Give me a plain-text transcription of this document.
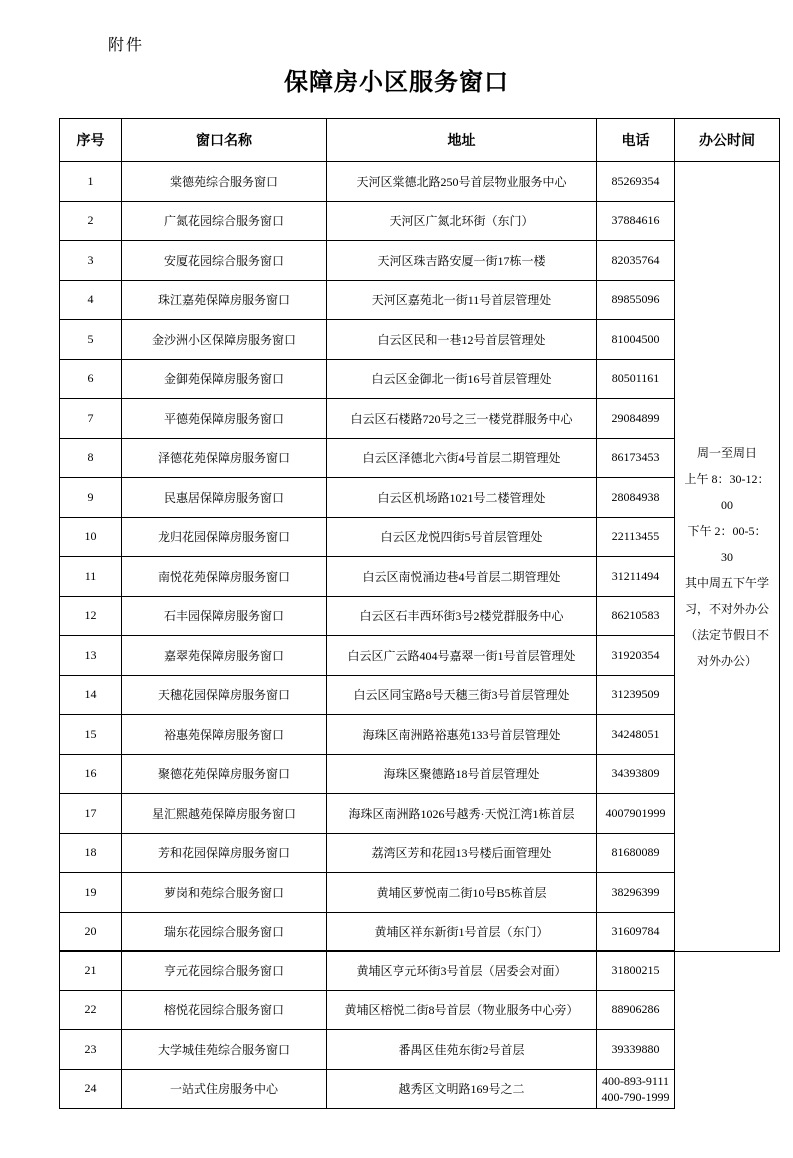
附件
保障房小区服务窗口
序号	窗口名称	地址	电话	办公时间
1	棠德苑综合服务窗口	天河区棠德北路250号首层物业服务中心	85269354	
周一至周日
上午 8：30-12：
00
下午 2：00-5：
30
其中周五下午学
习，不对外办公
（法定节假日不
对外办公）

2	广氮花园综合服务窗口	天河区广氮北环街（东门）	37884616	
3	安厦花园综合服务窗口	天河区珠吉路安厦一街17栋一楼	82035764	
4	珠江嘉苑保障房服务窗口	天河区嘉苑北一街11号首层管理处	89855096	
5	金沙洲小区保障房服务窗口	白云区民和一巷12号首层管理处	81004500	
6	金御苑保障房服务窗口	白云区金御北一街16号首层管理处	80501161	
7	平德苑保障房服务窗口	白云区石楼路720号之三一楼党群服务中心	29084899	
8	泽德花苑保障房服务窗口	白云区泽德北六街4号首层二期管理处	86173453	
9	民惠居保障房服务窗口	白云区机场路1021号二楼管理处	28084938	
10	龙归花园保障房服务窗口	白云区龙悦四街5号首层管理处	22113455	
11	南悦花苑保障房服务窗口	白云区南悦涌边巷4号首层二期管理处	31211494	
12	石丰园保障房服务窗口	白云区石丰西环街3号2楼党群服务中心	86210583	
13	嘉翠苑保障房服务窗口	白云区广云路404号嘉翠一街1号首层管理处	31920354	
14	天穗花园保障房服务窗口	白云区同宝路8号天穗三街3号首层管理处	31239509	
15	裕惠苑保障房服务窗口	海珠区南洲路裕惠苑133号首层管理处	34248051	
16	聚德花苑保障房服务窗口	海珠区聚德路18号首层管理处	34393809	
17	星汇熙越苑保障房服务窗口	海珠区南洲路1026号越秀·天悦江湾1栋首层	4007901999	
18	芳和花园保障房服务窗口	荔湾区芳和花园13号楼后面管理处	81680089	
19	萝岗和苑综合服务窗口	黄埔区萝悦南二街10号B5栋首层	38296399	
20	瑞东花园综合服务窗口	黄埔区祥东新街1号首层（东门）	31609784	
21	亨元花园综合服务窗口	黄埔区亨元环街3号首层（居委会对面）	31800215	
22	榕悦花园综合服务窗口	黄埔区榕悦二街8号首层（物业服务中心旁）	88906286	
23	大学城佳苑综合服务窗口	番禺区佳苑东街2号首层	39339880	
24	一站式住房服务中心	越秀区文明路169号之二	400-893-9111
400-790-1999	
